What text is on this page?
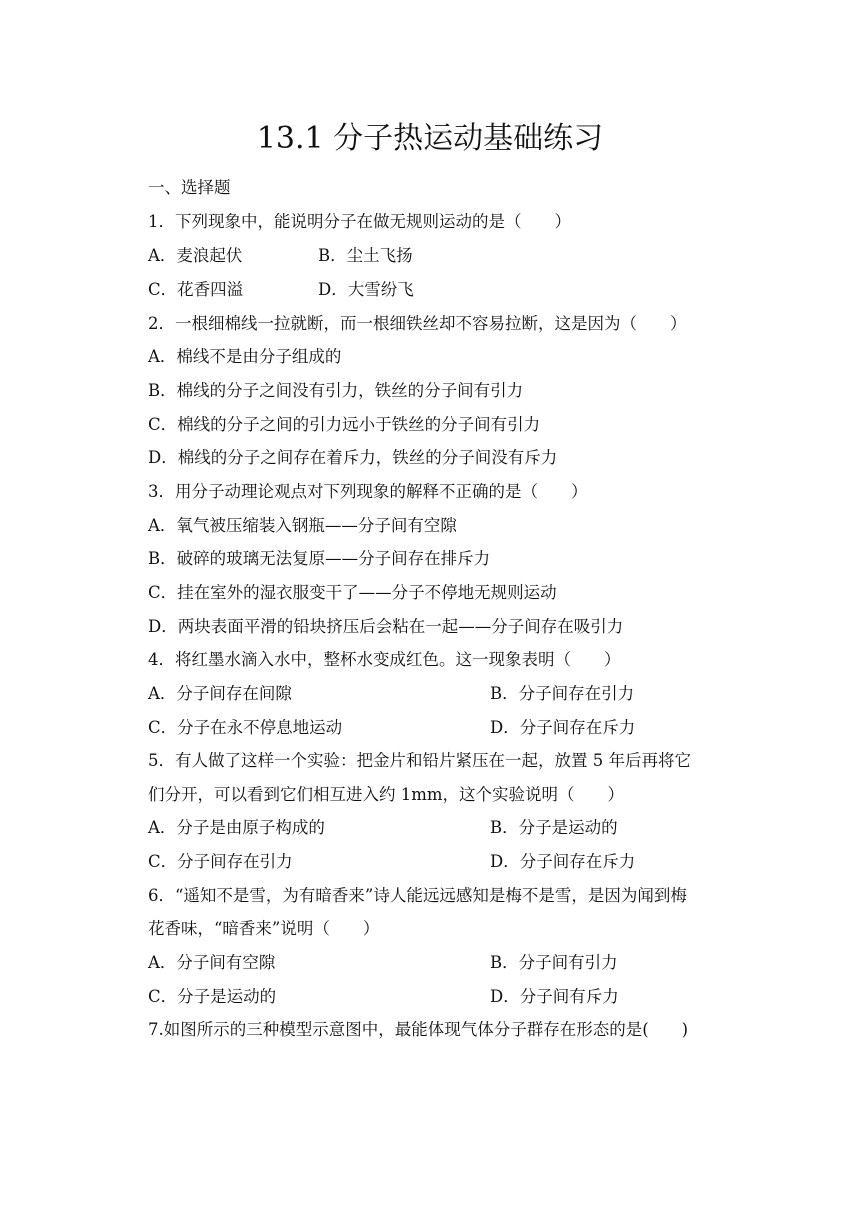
13.1 分子热运动基础练习
一、选择题
1．下列现象中，能说明分子在做无规则运动的是（　　）
A．麦浪起伏	B．尘土飞扬
C．花香四溢	D．大雪纷飞
2．一根细棉线一拉就断，而一根细铁丝却不容易拉断，这是因为（　　）
A．棉线不是由分子组成的
B．棉线的分子之间没有引力，铁丝的分子间有引力
C．棉线的分子之间的引力远小于铁丝的分子间有引力
D．棉线的分子之间存在着斥力，铁丝的分子间没有斥力
3．用分子动理论观点对下列现象的解释不正确的是（　　）
A．氧气被压缩装入钢瓶——分子间有空隙
B．破碎的玻璃无法复原——分子间存在排斥力
C．挂在室外的湿衣服变干了——分子不停地无规则运动
D．两块表面平滑的铅块挤压后会粘在一起——分子间存在吸引力
4．将红墨水滴入水中，整杯水变成红色。这一现象表明（　　）
A．分子间存在间隙	B．分子间存在引力
C．分子在永不停息地运动	D．分子间存在斥力
5．有人做了这样一个实验：把金片和铅片紧压在一起，放置 5 年后再将它
们分开，可以看到它们相互进入约 1mm，这个实验说明（　　）
A．分子是由原子构成的	B．分子是运动的
C．分子间存在引力	D．分子间存在斥力
6．“遥知不是雪，为有暗香来”诗人能远远感知是梅不是雪，是因为闻到梅
花香味，“暗香来”说明（　　）
A．分子间有空隙	B．分子间有引力
C．分子是运动的	D．分子间有斥力
7.如图所示的三种模型示意图中，最能体现气体分子群存在形态的是(　　)
